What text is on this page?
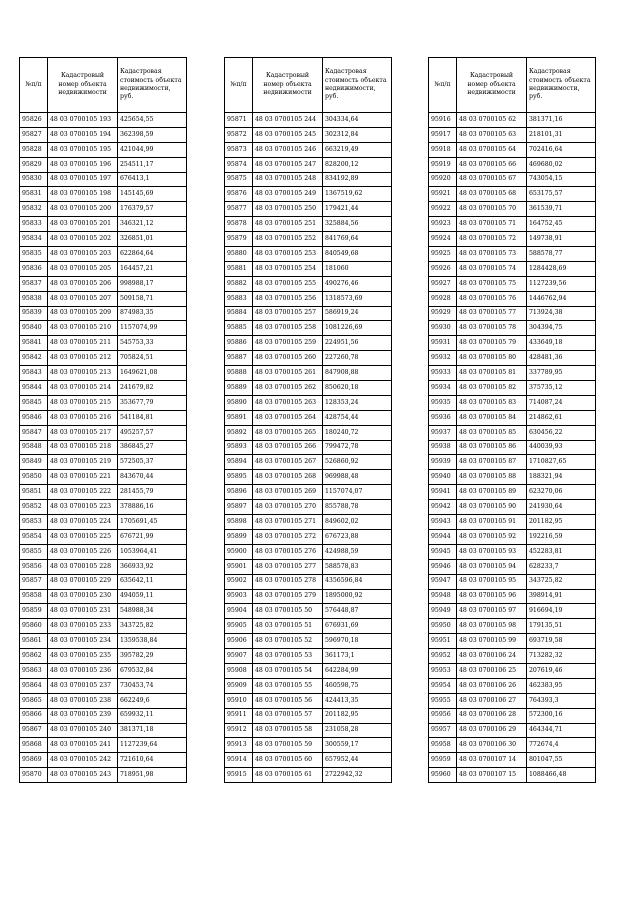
№п/п	Кадастровый номер объекта недвижимости	Кадастровая стоимость объекта недвижимости, руб.
95826	48 03 0700105 193	425654,55
95827	48 03 0700105 194	362398,59
95828	48 03 0700105 195	421044,99
95829	48 03 0700105 196	254511,17
95830	48 03 0700105 197	676413,1
95831	48 03 0700105 198	145145,69
95832	48 03 0700105 200	176379,57
95833	48 03 0700105 201	346321,12
95834	48 03 0700105 202	326851,01
95835	48 03 0700105 203	622864,64
95836	48 03 0700105 205	164457,21
95837	48 03 0700105 206	998988,17
95838	48 03 0700105 207	509158,71
95839	48 03 0700105 209	874983,35
95840	48 03 0700105 210	1157074,99
95841	48 03 0700105 211	545753,33
95842	48 03 0700105 212	705824,51
95843	48 03 0700105 213	1649621,08
95844	48 03 0700105 214	241679,82
95845	48 03 0700105 215	353677,79
95846	48 03 0700105 216	541184,81
95847	48 03 0700105 217	495257,57
95848	48 03 0700105 218	386845,27
95849	48 03 0700105 219	572505,37
95850	48 03 0700105 221	843670,44
95851	48 03 0700105 222	281455,79
95852	48 03 0700105 223	378886,16
95853	48 03 0700105 224	1705691,45
95854	48 03 0700105 225	676721,99
95855	48 03 0700105 226	1053964,41
95856	48 03 0700105 228	366933,92
95857	48 03 0700105 229	635642,11
95858	48 03 0700105 230	494059,11
95859	48 03 0700105 231	548988,34
95860	48 03 0700105 233	343725,82
95861	48 03 0700105 234	1359538,84
95862	48 03 0700105 235	395782,29
95863	48 03 0700105 236	679532,84
95864	48 03 0700105 237	730453,74
95865	48 03 0700105 238	662249,6
95866	48 03 0700105 239	659932,11
95867	48 03 0700105 240	381371,18
95868	48 03 0700105 241	1127239,64
95869	48 03 0700105 242	721610,64
95870	48 03 0700105 243	718951,98
№п/п	Кадастровый номер объекта недвижимости	Кадастровая стоимость объекта недвижимости, руб.
95871	48 03 0700105 244	304334,64
95872	48 03 0700105 245	302312,84
95873	48 03 0700105 246	663219,49
95874	48 03 0700105 247	828200,12
95875	48 03 0700105 248	834192,89
95876	48 03 0700105 249	1367519,62
95877	48 03 0700105 250	179421,44
95878	48 03 0700105 251	325884,56
95879	48 03 0700105 252	841769,64
95880	48 03 0700105 253	840549,68
95881	48 03 0700105 254	181060
95882	48 03 0700105 255	490276,46
95883	48 03 0700105 256	1318573,69
95884	48 03 0700105 257	586919,24
95885	48 03 0700105 258	1081226,69
95886	48 03 0700105 259	224951,56
95887	48 03 0700105 260	227260,78
95888	48 03 0700105 261	847908,88
95889	48 03 0700105 262	850620,18
95890	48 03 0700105 263	128353,24
95891	48 03 0700105 264	428754,44
95892	48 03 0700105 265	180240,72
95893	48 03 0700105 266	799472,78
95894	48 03 0700105 267	526860,92
95895	48 03 0700105 268	969988,48
95896	48 03 0700105 269	1157074,07
95897	48 03 0700105 270	855788,78
95898	48 03 0700105 271	849602,02
95899	48 03 0700105 272	676723,88
95900	48 03 0700105 276	424988,59
95901	48 03 0700105 277	588578,83
95902	48 03 0700105 278	4356596,84
95903	48 03 0700105 279	1895000,92
95904	48 03 0700105 50	576448,87
95905	48 03 0700105 51	676931,69
95906	48 03 0700105 52	596970,18
95907	48 03 0700105 53	361173,1
95908	48 03 0700105 54	642284,99
95909	48 03 0700105 55	460598,75
95910	48 03 0700105 56	424413,35
95911	48 03 0700105 57	201182,95
95912	48 03 0700105 58	231058,28
95913	48 03 0700105 59	300559,17
95914	48 03 0700105 60	657952,44
95915	48 03 0700105 61	2722942,32
№п/п	Кадастровый номер объекта недвижимости	Кадастровая стоимость объекта недвижимости, руб.
95916	48 03 0700105 62	381371,16
95917	48 03 0700105 63	218101,31
95918	48 03 0700105 64	702416,64
95919	48 03 0700105 66	469680,02
95920	48 03 0700105 67	743054,15
95921	48 03 0700105 68	653175,57
95922	48 03 0700105 70	361539,71
95923	48 03 0700105 71	164752,45
95924	48 03 0700105 72	149738,91
95925	48 03 0700105 73	588578,77
95926	48 03 0700105 74	1284428,69
95927	48 03 0700105 75	1127239,56
95928	48 03 0700105 76	1446762,94
95929	48 03 0700105 77	713924,38
95930	48 03 0700105 78	304394,75
95931	48 03 0700105 79	433649,18
95932	48 03 0700105 80	428481,36
95933	48 03 0700105 81	337789,95
95934	48 03 0700105 82	375735,12
95935	48 03 0700105 83	714087,24
95936	48 03 0700105 84	214862,61
95937	48 03 0700105 85	630456,22
95938	48 03 0700105 86	440039,93
95939	48 03 0700105 87	1710827,65
95940	48 03 0700105 88	188321,94
95941	48 03 0700105 89	623270,06
95942	48 03 0700105 90	241930,64
95943	48 03 0700105 91	201182,95
95944	48 03 0700105 92	192216,59
95945	48 03 0700105 93	452283,81
95946	48 03 0700105 94	628233,7
95947	48 03 0700105 95	343725,82
95948	48 03 0700105 96	398914,91
95949	48 03 0700105 97	916694,19
95950	48 03 0700105 98	179135,51
95951	48 03 0700105 99	693719,58
95952	48 03 0700106 24	713282,32
95953	48 03 0700106 25	207619,46
95954	48 03 0700106 26	462383,95
95955	48 03 0700106 27	764393,3
95956	48 03 0700106 28	572300,16
95957	48 03 0700106 29	464344,71
95958	48 03 0700106 30	772674,4
95959	48 03 0700107 14	801047,55
95960	48 03 0700107 15	1088466,48
